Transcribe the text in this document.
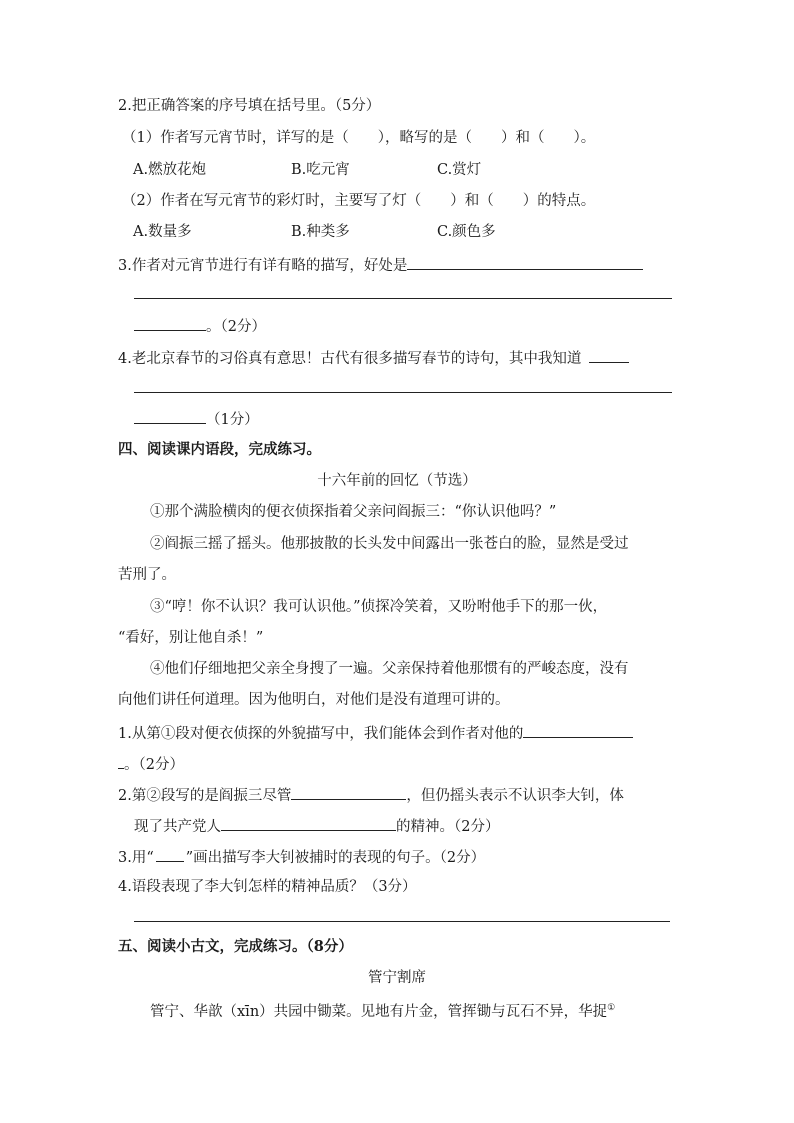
2.把正确答案的序号填在括号里。（5分）
（1）作者写元宵节时，详写的是（　　），略写的是（　　）和（　　）。
A.燃放花炮	B.吃元宵	C.赏灯
（2）作者在写元宵节的彩灯时，主要写了灯（　　）和（　　）的特点。
A.数量多	B.种类多	C.颜色多
3.作者对元宵节进行有详有略的描写，好处是
。（2分）
4.老北京春节的习俗真有意思！古代有很多描写春节的诗句，其中我知道
（1分）
四、阅读课内语段，完成练习。
十六年前的回忆（节选）
①那个满脸横肉的便衣侦探指着父亲问阎振三：“你认识他吗？”
②阎振三摇了摇头。他那披散的长头发中间露出一张苍白的脸，显然是受过
苦刑了。
③“哼！你不认识？我可认识他。”侦探冷笑着，又吩咐他手下的那一伙，
“看好，别让他自杀！”
④他们仔细地把父亲全身搜了一遍。父亲保持着他那惯有的严峻态度，没有
向他们讲任何道理。因为他明白，对他们是没有道理可讲的。
1.从第①段对便衣侦探的外貌描写中，我们能体会到作者对他的
。（2分）
2.第②段写的是阎振三尽管	，但仍摇头表示不认识李大钊，体
现了共产党人	的精神。（2分）
3.用“ ”画出描写李大钊被捕时的表现的句子。（2分）
4.语段表现了李大钊怎样的精神品质？（3分）
五、阅读小古文，完成练习。（8分）
管宁割席
管宁、华歆（xīn）共园中锄菜。见地有片金，管挥锄与瓦石不异，华捉①
